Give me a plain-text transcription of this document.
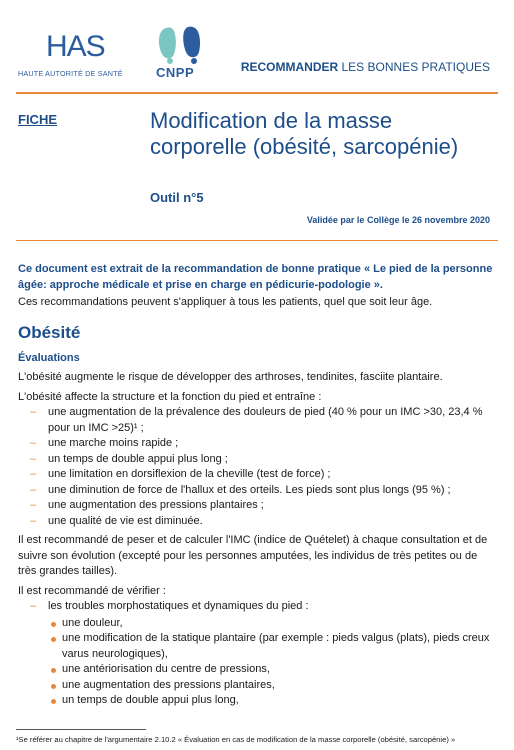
HAS
HAUTE AUTORITÉ DE SANTÉ	CNPP	RECOMMANDER LES BONNES PRATIQUES
FICHE	Modification de la masse corporelle (obésité, sarcopénie)
Outil n°5
Validée par le Collège le 26 novembre 2020
Ce document est extrait de la recommandation de bonne pratique « Le pied de la personne âgée: approche médicale et prise en charge en pédicurie-podologie ».
Ces recommandations peuvent s'appliquer à tous les patients, quel que soit leur âge.
Obésité
Évaluations

L'obésité augmente le risque de développer des arthroses, tendinites, fasciite plantaire.

L'obésité affecte la structure et la fonction du pied et entraîne :

– une augmentation de la prévalence des douleurs de pied (40 % pour un IMC >30, 23,4 % pour un IMC >25)¹ ;
– une marche moins rapide ;
– un temps de double appui plus long ;
– une limitation en dorsiflexion de la cheville (test de force) ;
– une diminution de force de l'hallux et des orteils. Les pieds sont plus longs (95 %) ;
– une augmentation des pressions plantaires ;
– une qualité de vie est diminuée.

Il est recommandé de peser et de calculer l'IMC (indice de Quételet) à chaque consultation et de suivre son évolution (excepté pour les personnes amputées, les individus de très petites ou de très grandes tailles).

Il est recommandé de vérifier :

– les troubles morphostatiques et dynamiques du pied :
une douleur,
une modification de la statique plantaire (par exemple : pieds valgus (plats), pieds creux varus neurologiques),
une antériorisation du centre de pressions,
une augmentation des pressions plantaires,
un temps de double appui plus long,
¹Se référer au chapitre de l'argumentaire 2.10.2 « Évaluation en cas de modification de la masse corporelle (obésité, sarcopénie) »
